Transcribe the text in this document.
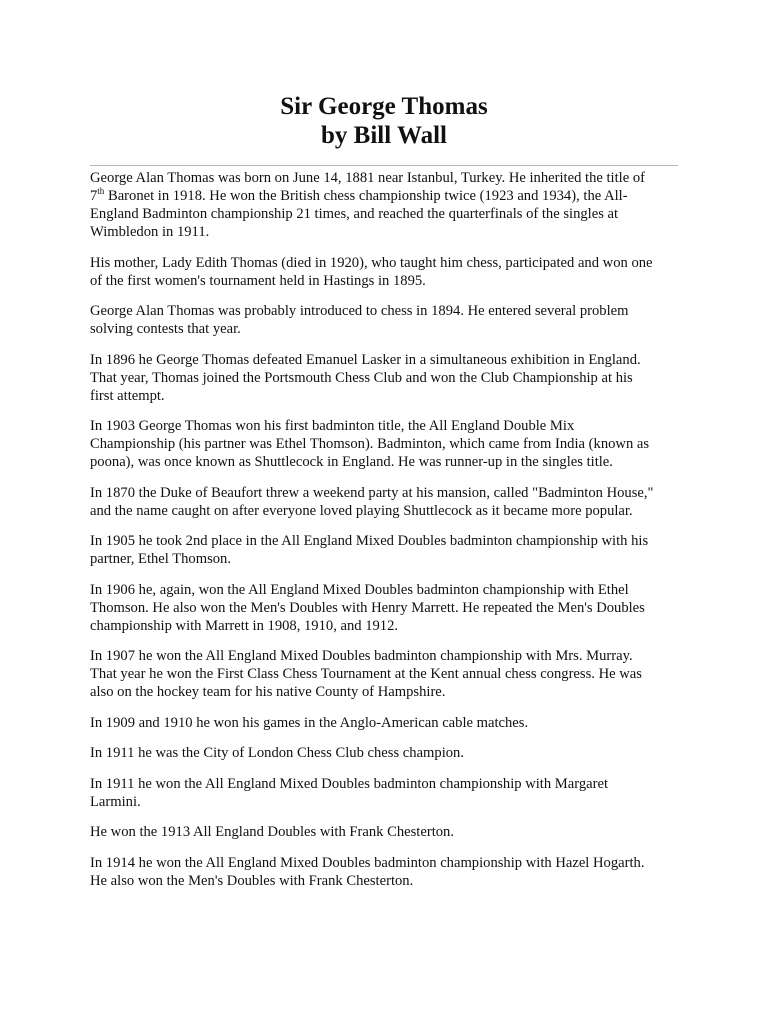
Sir George Thomas
by Bill Wall

George Alan Thomas was born on June 14, 1881 near Istanbul, Turkey. He inherited the title of
7th Baronet in 1918. He won the British chess championship twice (1923 and 1934), the All-
England Badminton championship 21 times, and reached the quarterfinals of the singles at
Wimbledon in 1911.

His mother, Lady Edith Thomas (died in 1920), who taught him chess, participated and won one
of the first women's tournament held in Hastings in 1895.

George Alan Thomas was probably introduced to chess in 1894. He entered several problem
solving contests that year.

In 1896 he George Thomas defeated Emanuel Lasker in a simultaneous exhibition in England.
That year, Thomas joined the Portsmouth Chess Club and won the Club Championship at his
first attempt.

In 1903 George Thomas won his first badminton title, the All England Double Mix
Championship (his partner was Ethel Thomson). Badminton, which came from India (known as
poona), was once known as Shuttlecock in England. He was runner-up in the singles title.

In 1870 the Duke of Beaufort threw a weekend party at his mansion, called "Badminton House,"
and the name caught on after everyone loved playing Shuttlecock as it became more popular.

In 1905 he took 2nd place in the All England Mixed Doubles badminton championship with his
partner, Ethel Thomson.

In 1906 he, again, won the All England Mixed Doubles badminton championship with Ethel
Thomson. He also won the Men's Doubles with Henry Marrett. He repeated the Men's Doubles
championship with Marrett in 1908, 1910, and 1912.

In 1907 he won the All England Mixed Doubles badminton championship with Mrs. Murray.
That year he won the First Class Chess Tournament at the Kent annual chess congress. He was
also on the hockey team for his native County of Hampshire.

In 1909 and 1910 he won his games in the Anglo-American cable matches.

In 1911 he was the City of London Chess Club chess champion.

In 1911 he won the All England Mixed Doubles badminton championship with Margaret
Larmini.

He won the 1913 All England Doubles with Frank Chesterton.

In 1914 he won the All England Mixed Doubles badminton championship with Hazel Hogarth.
He also won the Men's Doubles with Frank Chesterton.
